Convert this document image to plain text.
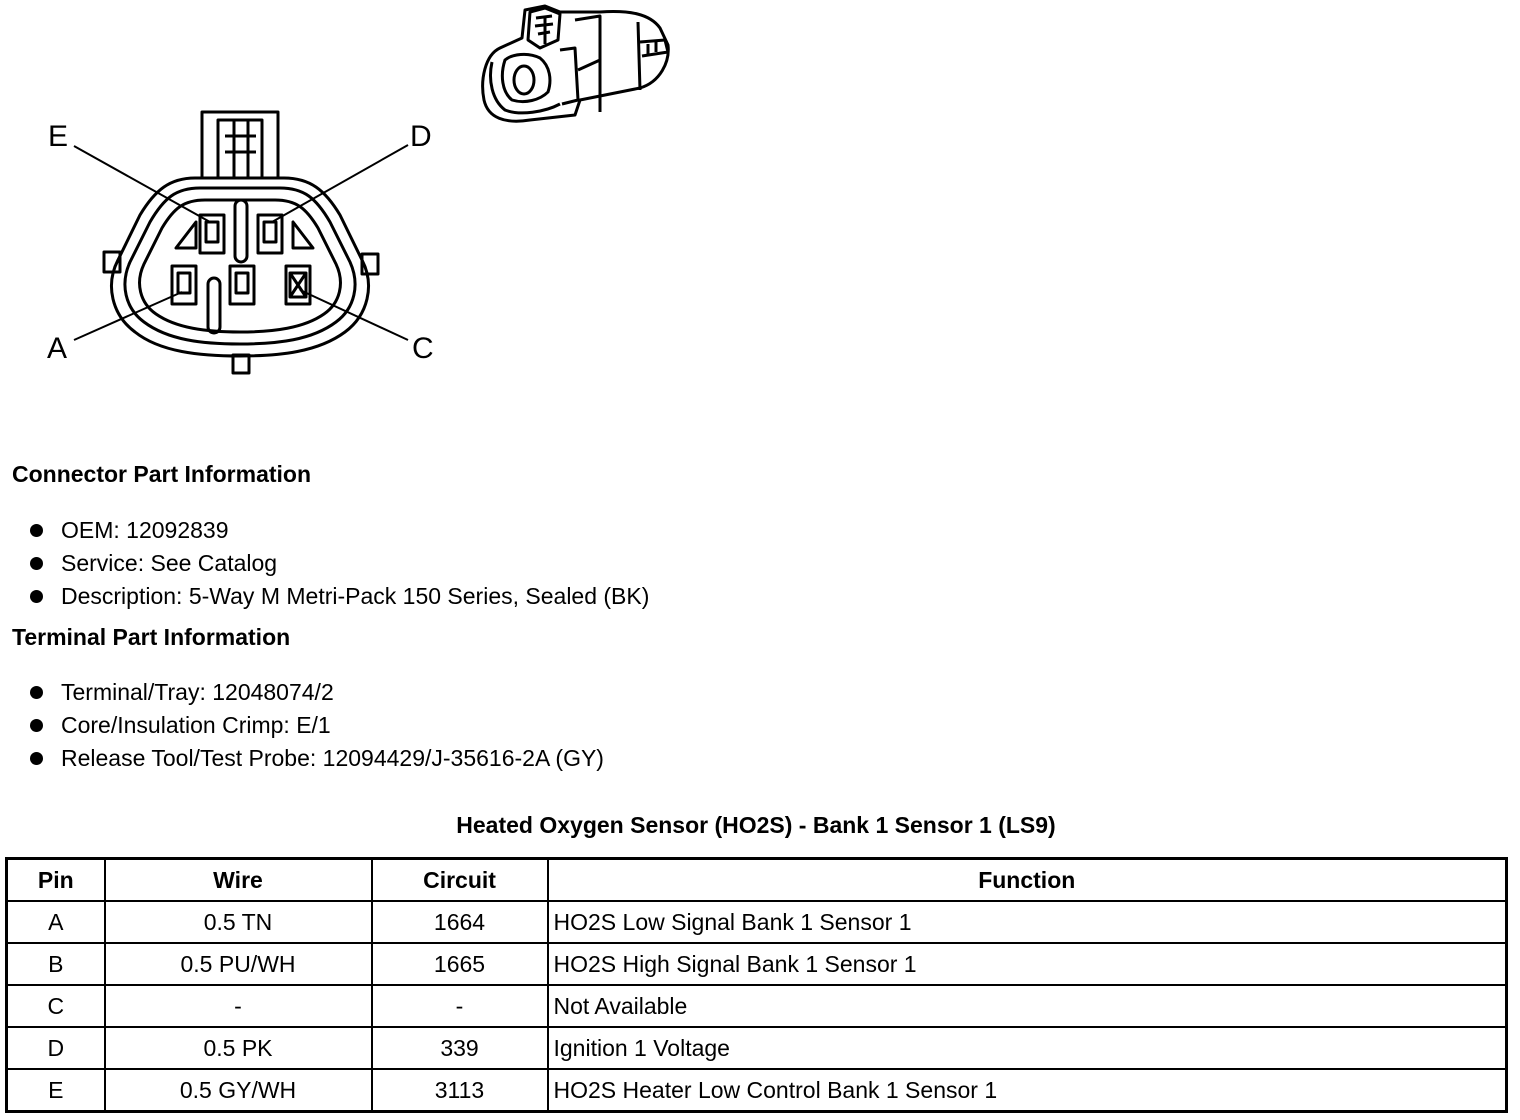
E	D
A	C
Connector Part Information
OEM: 12092839
Service: See Catalog
Description: 5-Way M Metri-Pack 150 Series, Sealed (BK)
Terminal Part Information
Terminal/Tray: 12048074/2
Core/Insulation Crimp: E/1
Release Tool/Test Probe: 12094429/J-35616-2A (GY)
Heated Oxygen Sensor (HO2S) - Bank 1 Sensor 1 (LS9)
Pin	Wire	Circuit	Function
A	0.5 TN	1664	HO2S Low Signal Bank 1 Sensor 1
B	0.5 PU/WH	1665	HO2S High Signal Bank 1 Sensor 1
C	-	-	Not Available
D	0.5 PK	339	Ignition 1 Voltage
E	0.5 GY/WH	3113	HO2S Heater Low Control Bank 1 Sensor 1
